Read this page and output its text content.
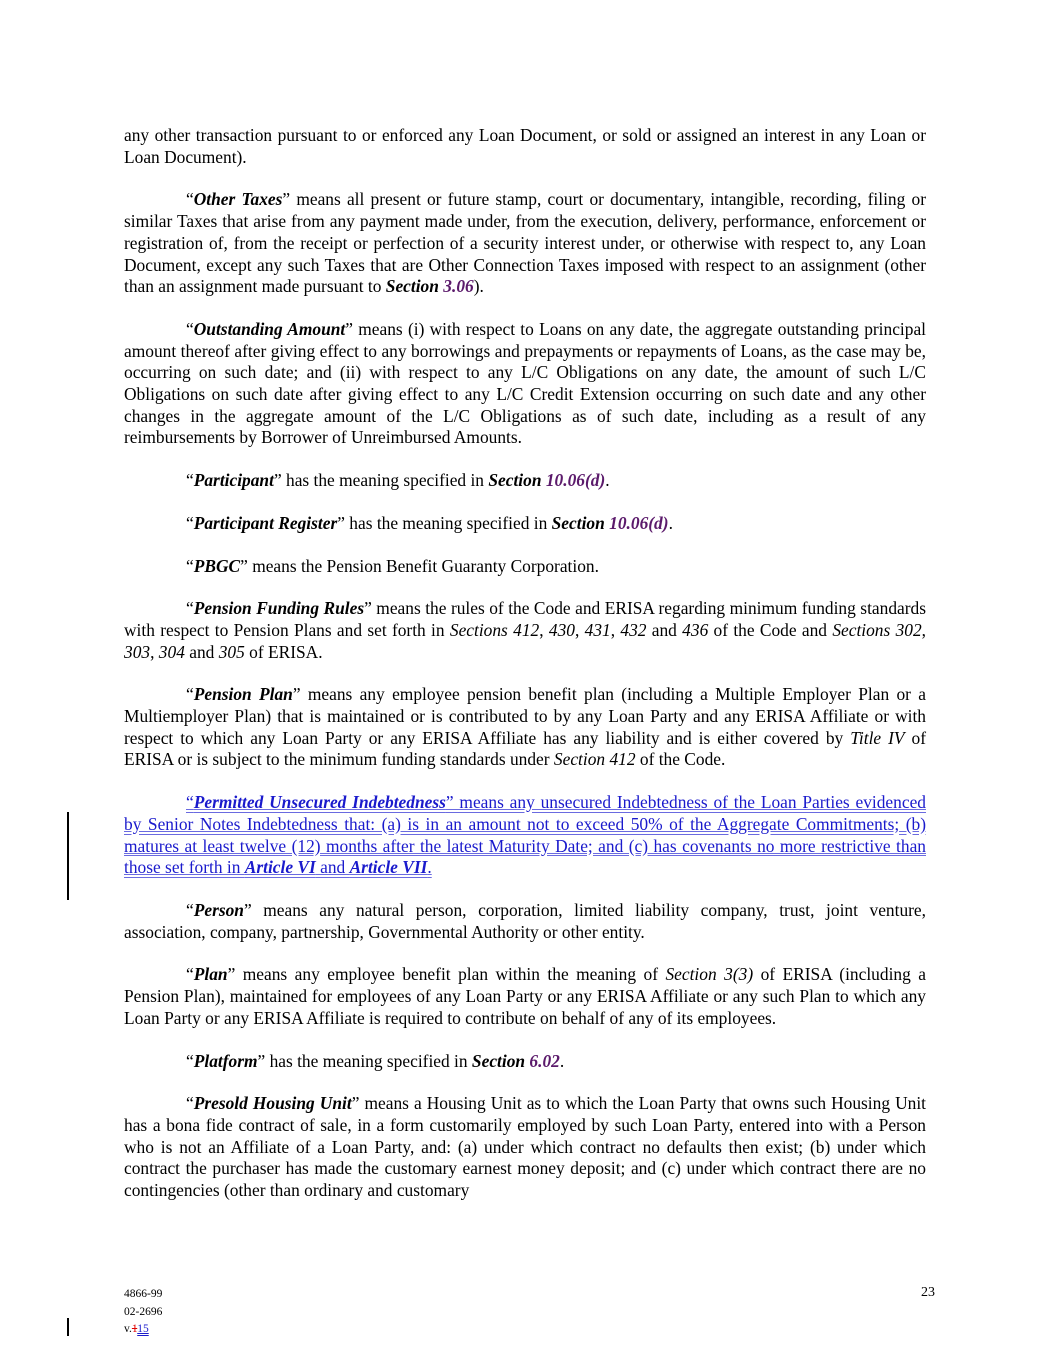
any other transaction pursuant to or enforced any Loan Document, or sold or assigned an interest in any Loan or Loan Document).

“Other Taxes” means all present or future stamp, court or documentary, intangible, recording, filing or similar Taxes that arise from any payment made under, from the execution, delivery, performance, enforcement or registration of, from the receipt or perfection of a security interest under, or otherwise with respect to, any Loan Document, except any such Taxes that are Other Connection Taxes imposed with respect to an assignment (other than an assignment made pursuant to Section 3.06).

“Outstanding Amount” means (i) with respect to Loans on any date, the aggregate outstanding principal amount thereof after giving effect to any borrowings and prepayments or repayments of Loans, as the case may be, occurring on such date; and (ii) with respect to any L/C Obligations on any date, the amount of such L/C Obligations on such date after giving effect to any L/C Credit Extension occurring on such date and any other changes in the aggregate amount of the L/C Obligations as of such date, including as a result of any reimbursements by Borrower of Unreimbursed Amounts.

“Participant” has the meaning specified in Section 10.06(d).

“Participant Register” has the meaning specified in Section 10.06(d).

“PBGC” means the Pension Benefit Guaranty Corporation.

“Pension Funding Rules” means the rules of the Code and ERISA regarding minimum funding standards with respect to Pension Plans and set forth in Sections 412, 430, 431, 432 and 436 of the Code and Sections 302, 303, 304 and 305 of ERISA.

“Pension Plan” means any employee pension benefit plan (including a Multiple Employer Plan or a Multiemployer Plan) that is maintained or is contributed to by any Loan Party and any ERISA Affiliate or with respect to which any Loan Party or any ERISA Affiliate has any liability and is either covered by Title IV of ERISA or is subject to the minimum funding standards under Section 412 of the Code.

“Permitted Unsecured Indebtedness” means any unsecured Indebtedness of the Loan Parties evidenced by Senior Notes Indebtedness that: (a) is in an amount not to exceed 50% of the Aggregate Commitments; (b) matures at least twelve (12) months after the latest Maturity Date; and (c) has covenants no more restrictive than those set forth in Article VI and Article VII.

“Person” means any natural person, corporation, limited liability company, trust, joint venture, association, company, partnership, Governmental Authority or other entity.

“Plan” means any employee benefit plan within the meaning of Section 3(3) of ERISA (including a Pension Plan), maintained for employees of any Loan Party or any ERISA Affiliate or any such Plan to which any Loan Party or any ERISA Affiliate is required to contribute on behalf of any of its employees.

“Platform” has the meaning specified in Section 6.02.

“Presold Housing Unit” means a Housing Unit as to which the Loan Party that owns such Housing Unit has a bona fide contract of sale, in a form customarily employed by such Loan Party, entered into with a Person who is not an Affiliate of a Loan Party, and: (a) under which contract no defaults then exist; (b) under which contract the purchaser has made the customary earnest money deposit; and (c) under which contract there are no contingencies (other than ordinary and customary

4866-99
02-2696
v.115
23
